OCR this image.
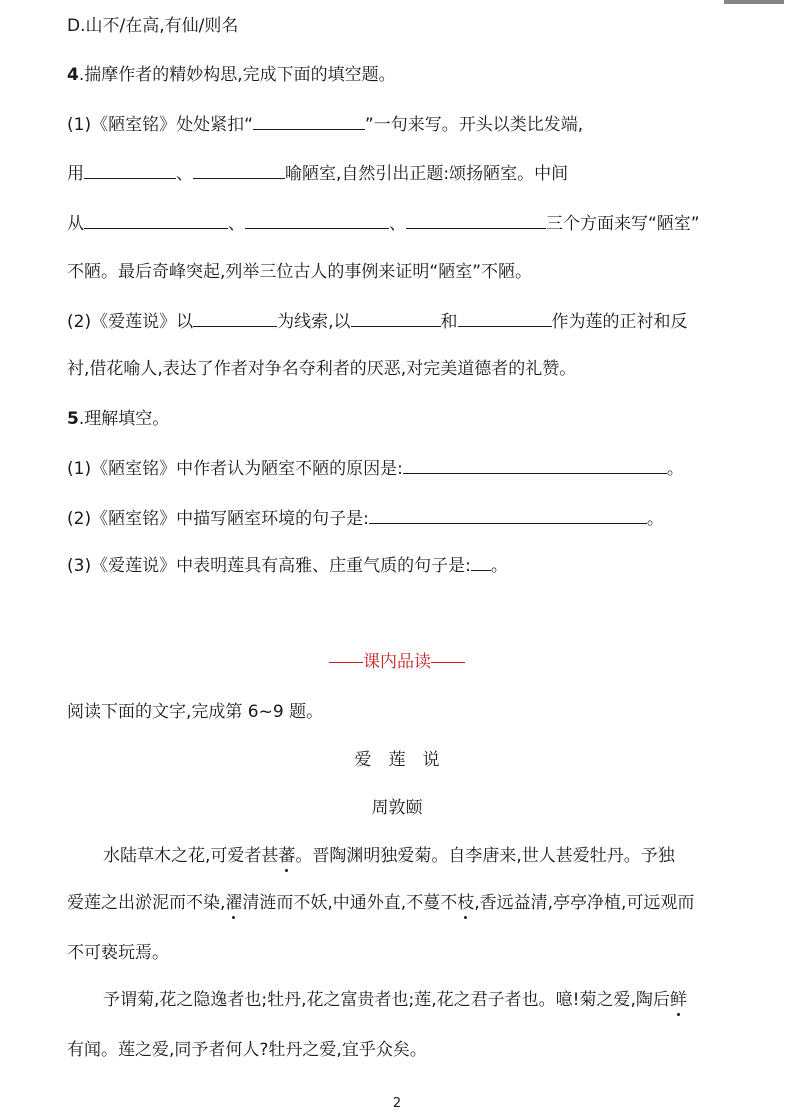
D.山不/在高,有仙/则名
4.揣摩作者的精妙构思,完成下面的填空题。
(1)《陋室铭》处处紧扣“	”一句来写。开头以类比发端,
用	、	喻陋室,自然引出正题:颂扬陋室。中间
从	、	、	三个方面来写“陋室”
不陋。最后奇峰突起,列举三位古人的事例来证明“陋室”不陋。
(2)《爱莲说》以	为线索,以	和	作为莲的正衬和反
衬,借花喻人,表达了作者对争名夺利者的厌恶,对完美道德者的礼赞。
5.理解填空。
(1)《陋室铭》中作者认为陋室不陋的原因是:	。
(2)《陋室铭》中描写陋室环境的句子是:	。
(3)《爱莲说》中表明莲具有高雅、庄重气质的句子是: 。
课内品读
阅读下面的文字,完成第 6~9 题。
爱　莲　说
周敦颐
水陆草木之花,可爱者甚蕃。晋陶渊明独爱菊。自李唐来,世人甚爱牡丹。予独
爱莲之出淤泥而不染,濯清涟而不妖,中通外直,不蔓不枝,香远益清,亭亭净植,可远观而
不可亵玩焉。
予谓菊,花之隐逸者也;牡丹,花之富贵者也;莲,花之君子者也。噫!菊之爱,陶后鲜
有闻。莲之爱,同予者何人?牡丹之爱,宜乎众矣。
2
